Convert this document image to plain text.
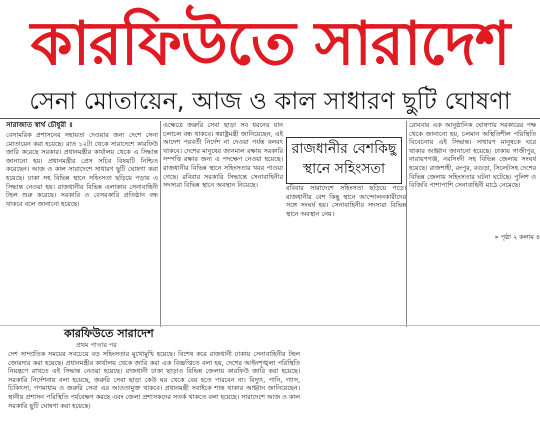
কারফিউতে সারাদেশ
সেনা মোতায়েন, আজ ও কাল সাধারণ ছুটি ঘোষণা
সারাজাত স্বার্থ চৌধুরী ॥

বেসামরিক প্রশাসনের সহায়তা দেওয়ার জন্য দেশে সেনা মোতায়েন করা হয়েছে। রাত ১২টা থেকে সারাদেশে কারফিউ জারি করেছে সরকার। প্রধানমন্ত্রীর কার্যালয় থেকে এ সিদ্ধান্ত জানানো হয়। প্রধানমন্ত্রীর প্রেস সচিব বিষয়টি নিশ্চিত করেছেন। আজ ও কাল সারাদেশে সাধারণ ছুটি ঘোষণা করা হয়েছে। ঢাকা সহ বিভিন্ন স্থানে সহিংসতা ছড়িয়ে পড়ায় এ সিদ্ধান্ত নেওয়া হয়। রাজধানীর বিভিন্ন এলাকায় সেনাবাহিনী টহল শুরু করেছে। সরকারি ও বেসরকারি প্রতিষ্ঠান বন্ধ থাকবে বলে জানানো হয়েছে।

এক্ষেত্রে জরুরি সেবা ছাড়া সব ধরনের যান চলাচল বন্ধ থাকবে। স্বরাষ্ট্রমন্ত্রী জানিয়েছেন, এই আদেশ পরবর্তী নির্দেশ না দেওয়া পর্যন্ত বলবৎ থাকবে। দেশের মানুষের জানমাল রক্ষায় সরকারি সম্পত্তি রক্ষার জন্য এ পদক্ষেপ নেওয়া হয়েছে। রাজধানীর বিভিন্ন স্থানে সহিংসতার খবর পাওয়া গেছে। রবিবার সরকারি সিদ্ধান্তে সেনাবাহিনীর সদস্যরা বিভিন্ন স্থানে অবস্থান নিয়েছে।

রাজধানীর বেশকিছু
স্থানে সহিংসতা

রবিবার সারাদেশে সহিংসতা ছড়িয়ে পড়ে। রাজধানীর বেশ কিছু স্থানে আন্দোলনকারীদের সঙ্গে সংঘর্ষ হয়। সেনাবাহিনীর সদস্যরা বিভিন্ন স্থানে অবস্থান নেয়।

রোববার এক আনুষ্ঠানিক ঘোষণায় সরকারের পক্ষ থেকে জানানো হয়, চলমান অস্থিতিশীল পরিস্থিতি বিবেচনায় এই সিদ্ধান্ত। সাধারণ মানুষকে ঘরে থাকার আহ্বান জানানো হয়েছে। ঢাকায় গাজীপুর, নারায়ণগঞ্জ, নরসিংদী সহ বিভিন্ন জেলায় সংঘর্ষ হয়েছে। রাজশাহী, রংপুর, বগুড়া, সিলেটসহ দেশের বিভিন্ন জেলায় সহিংসতার ঘটনা ঘটেছে। পুলিশ ও বিজিবি পাশাপাশি সেনাবাহিনী মাঠে নেমেছে।

» পৃষ্ঠা ২ কলাম ৪
কারফিউতে সারাদেশ
প্রথম পাতার পর

দেশ সাম্প্রতিক সময়ের সবচেয়ে বড় সহিংসতার মুখোমুখি হয়েছে। বিশেষ করে রাজধানী ঢাকায় সেনাবাহিনীর টহল জোরদার করা হয়েছে। প্রধানমন্ত্রীর কার্যালয় থেকে জারি করা এক বিজ্ঞপ্তিতে বলা হয়, দেশের আইনশৃঙ্খলা পরিস্থিতি নিয়ন্ত্রণে রাখতে এই সিদ্ধান্ত নেওয়া হয়েছে। রাজধানী ঢাকা ছাড়াও বিভিন্ন জেলায় কারফিউ জারি করা হয়েছে। সরকারি নির্দেশনায় বলা হয়েছে, জরুরি সেবা ছাড়া কেউ ঘর থেকে বের হতে পারবেন না। বিদ্যুৎ, পানি, গ্যাস, চিকিৎসা, গণমাধ্যম ও জরুরি সেবা এর আওতামুক্ত থাকবে। প্রধানমন্ত্রী সবাইকে শান্ত থাকার আহ্বান জানিয়েছেন। স্থানীয় প্রশাসন পরিস্থিতি পর্যবেক্ষণ করছে এবং জেলা প্রশাসকদের সতর্ক থাকতে বলা হয়েছে। সারাদেশে আজ ও কাল সরকারি ছুটি ঘোষণা করা হয়েছে।
